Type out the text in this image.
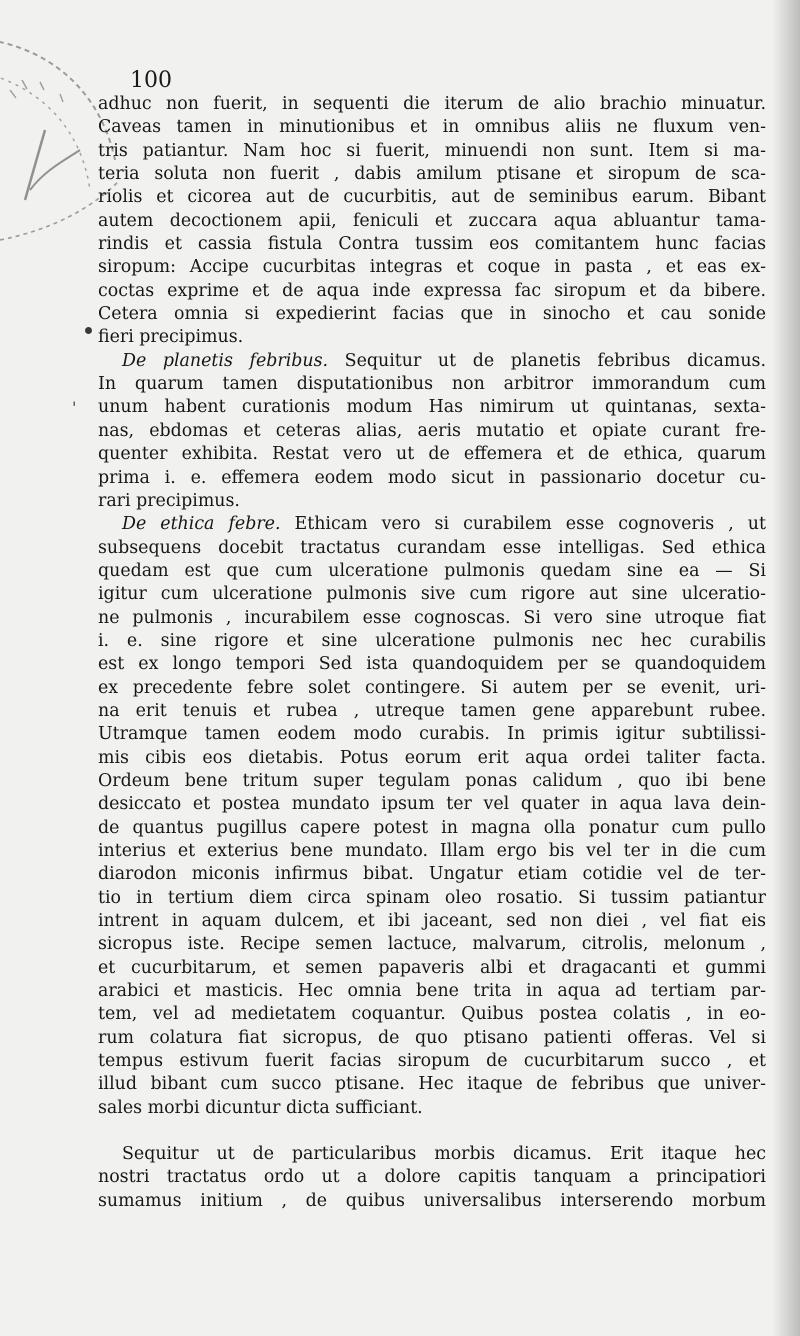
100
'
adhuc non fuerit, in sequenti die iterum de alio brachio minuatur.
Caveas tamen in minutionibus et in omnibus aliis ne fluxum ven-
tris patiantur. Nam hoc si fuerit, minuendi non sunt. Item si ma-
teria soluta non fuerit , dabis amilum ptisane et siropum de sca-
riolis et cicorea aut de cucurbitis, aut de seminibus earum. Bibant
autem decoctionem apii, feniculi et zuccara aqua abluantur tama-
rindis et cassia fistula Contra tussim eos comitantem hunc facias
siropum: Accipe cucurbitas integras et coque in pasta , et eas ex-
coctas exprime et de aqua inde expressa fac siropum et da bibere.
Cetera omnia si expedierint facias que in sinocho et cau sonide
fieri precipimus.
De planetis febribus. Sequitur ut de planetis febribus dicamus.
In quarum tamen disputationibus non arbitror immorandum cum
unum habent curationis modum Has nimirum ut quintanas, sexta-
nas, ebdomas et ceteras alias, aeris mutatio et opiate curant fre-
quenter exhibita. Restat vero ut de effemera et de ethica, quarum
prima i. e. effemera eodem modo sicut in passionario docetur cu-
rari precipimus.
De ethica febre. Ethicam vero si curabilem esse cognoveris , ut
subsequens docebit tractatus curandam esse intelligas. Sed ethica
quedam est que cum ulceratione pulmonis quedam sine ea — Si
igitur cum ulceratione pulmonis sive cum rigore aut sine ulceratio-
ne pulmonis , incurabilem esse cognoscas. Si vero sine utroque fiat
i. e. sine rigore et sine ulceratione pulmonis nec hec curabilis
est ex longo tempori Sed ista quandoquidem per se quandoquidem
ex precedente febre solet contingere. Si autem per se evenit, uri-
na erit tenuis et rubea , utreque tamen gene apparebunt rubee.
Utramque tamen eodem modo curabis. In primis igitur subtilissi-
mis cibis eos dietabis. Potus eorum erit aqua ordei taliter facta.
Ordeum bene tritum super tegulam ponas calidum , quo ibi bene
desiccato et postea mundato ipsum ter vel quater in aqua lava dein-
de quantus pugillus capere potest in magna olla ponatur cum pullo
interius et exterius bene mundato. Illam ergo bis vel ter in die cum
diarodon miconis infirmus bibat. Ungatur etiam cotidie vel de ter-
tio in tertium diem circa spinam oleo rosatio. Si tussim patiantur
intrent in aquam dulcem, et ibi jaceant, sed non diei , vel fiat eis
sicropus iste. Recipe semen lactuce, malvarum, citrolis, melonum ,
et cucurbitarum, et semen papaveris albi et dragacanti et gummi
arabici et masticis. Hec omnia bene trita in aqua ad tertiam par-
tem, vel ad medietatem coquantur. Quibus postea colatis , in eo-
rum colatura fiat sicropus, de quo ptisano patienti offeras. Vel si
tempus estivum fuerit facias siropum de cucurbitarum succo , et
illud bibant cum succo ptisane. Hec itaque de febribus que univer-
sales morbi dicuntur dicta sufficiant.
Sequitur ut de particularibus morbis dicamus. Erit itaque hec
nostri tractatus ordo ut a dolore capitis tanquam a principatiori
sumamus initium , de quibus universalibus interserendo morbum
